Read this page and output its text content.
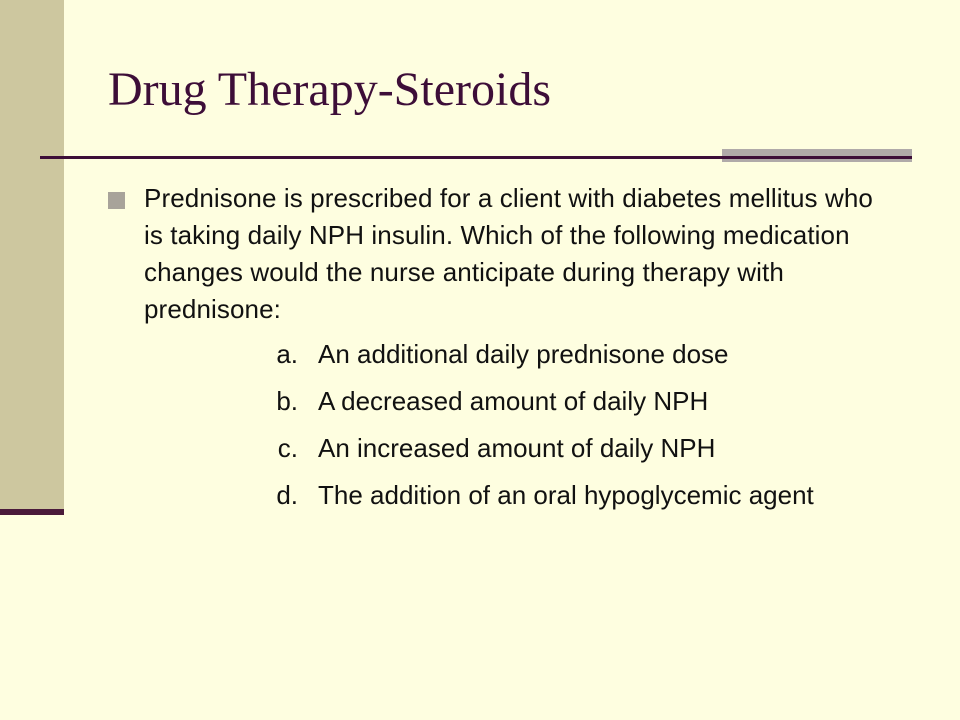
Drug Therapy-Steroids

Prednisone is prescribed for a client with diabetes mellitus who is taking daily NPH insulin. Which of the following medication changes would the nurse anticipate during therapy with prednisone:

a. An additional daily prednisone dose
b. A decreased amount of daily NPH
c. An increased amount of daily NPH
d. The addition of an oral hypoglycemic agent
